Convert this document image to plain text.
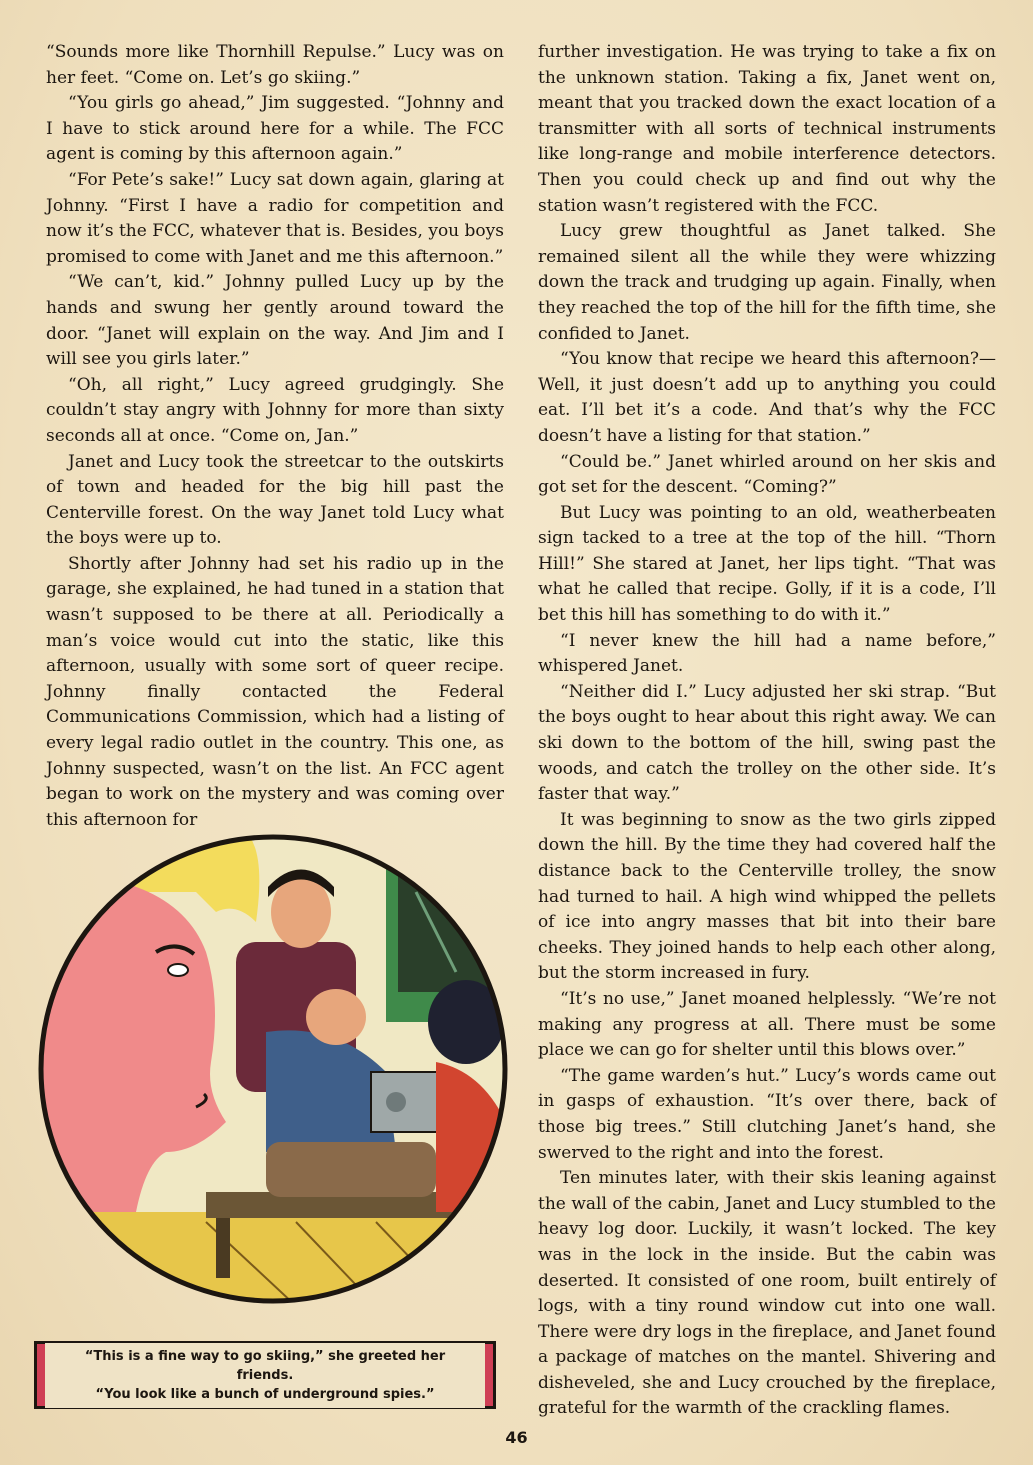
“Sounds more like Thornhill Repulse.” Lucy was on her feet. “Come on. Let’s go skiing.”

“You girls go ahead,” Jim suggested. “Johnny and I have to stick around here for a while. The FCC agent is coming by this afternoon again.”

“For Pete’s sake!” Lucy sat down again, glaring at Johnny. “First I have a radio for competition and now it’s the FCC, whatever that is. Besides, you boys promised to come with Janet and me this afternoon.”

“We can’t, kid.” Johnny pulled Lucy up by the hands and swung her gently around toward the door. “Janet will explain on the way. And Jim and I will see you girls later.”

“Oh, all right,” Lucy agreed grudgingly. She couldn’t stay angry with Johnny for more than sixty seconds all at once. “Come on, Jan.”

Janet and Lucy took the streetcar to the outskirts of town and headed for the big hill past the Centerville forest. On the way Janet told Lucy what the boys were up to.

Shortly after Johnny had set his radio up in the garage, she explained, he had tuned in a station that wasn’t supposed to be there at all. Periodically a man’s voice would cut into the static, like this afternoon, usually with some sort of queer recipe. Johnny finally contacted the Federal Communications Commission, which had a listing of every legal radio outlet in the country. This one, as Johnny suspected, wasn’t on the list. An FCC agent began to work on the mystery and was coming over this afternoon for

further investigation. He was trying to take a fix on the unknown station. Taking a fix, Janet went on, meant that you tracked down the exact location of a transmitter with all sorts of technical instruments like long-range and mobile interference detectors. Then you could check up and find out why the station wasn’t registered with the FCC.

Lucy grew thoughtful as Janet talked. She remained silent all the while they were whizzing down the track and trudging up again. Finally, when they reached the top of the hill for the fifth time, she confided to Janet.

“You know that recipe we heard this afternoon?—Well, it just doesn’t add up to anything you could eat. I’ll bet it’s a code. And that’s why the FCC doesn’t have a listing for that station.”

“Could be.” Janet whirled around on her skis and got set for the descent. “Coming?”

But Lucy was pointing to an old, weatherbeaten sign tacked to a tree at the top of the hill. “Thorn Hill!” She stared at Janet, her lips tight. “That was what he called that recipe. Golly, if it is a code, I’ll bet this hill has something to do with it.”

“I never knew the hill had a name before,” whispered Janet.

“Neither did I.” Lucy adjusted her ski strap. “But the boys ought to hear about this right away. We can ski down to the bottom of the hill, swing past the woods, and catch the trolley on the other side. It’s faster that way.”

It was beginning to snow as the two girls zipped down the hill. By the time they had covered half the distance back to the Centerville trolley, the snow had turned to hail. A high wind whipped the pellets of ice into angry masses that bit into their bare cheeks. They joined hands to help each other along, but the storm increased in fury.

“It’s no use,” Janet moaned helplessly. “We’re not making any progress at all. There must be some place we can go for shelter until this blows over.”

“The game warden’s hut.” Lucy’s words came out in gasps of exhaustion. “It’s over there, back of those big trees.” Still clutching Janet’s hand, she swerved to the right and into the forest.

Ten minutes later, with their skis leaning against the wall of the cabin, Janet and Lucy stumbled to the heavy log door. Luckily, it wasn’t locked. The key was in the lock in the inside. But the cabin was deserted. It consisted of one room, built entirely of logs, with a tiny round window cut into one wall. There were dry logs in the fireplace, and Janet found a package of matches on the mantel. Shivering and disheveled, she and Lucy crouched by the fireplace, grateful for the warmth of the crackling flames.

“This is a fine way to go skiing,” she greeted her friends.
“You look like a bunch of underground spies.”
46
